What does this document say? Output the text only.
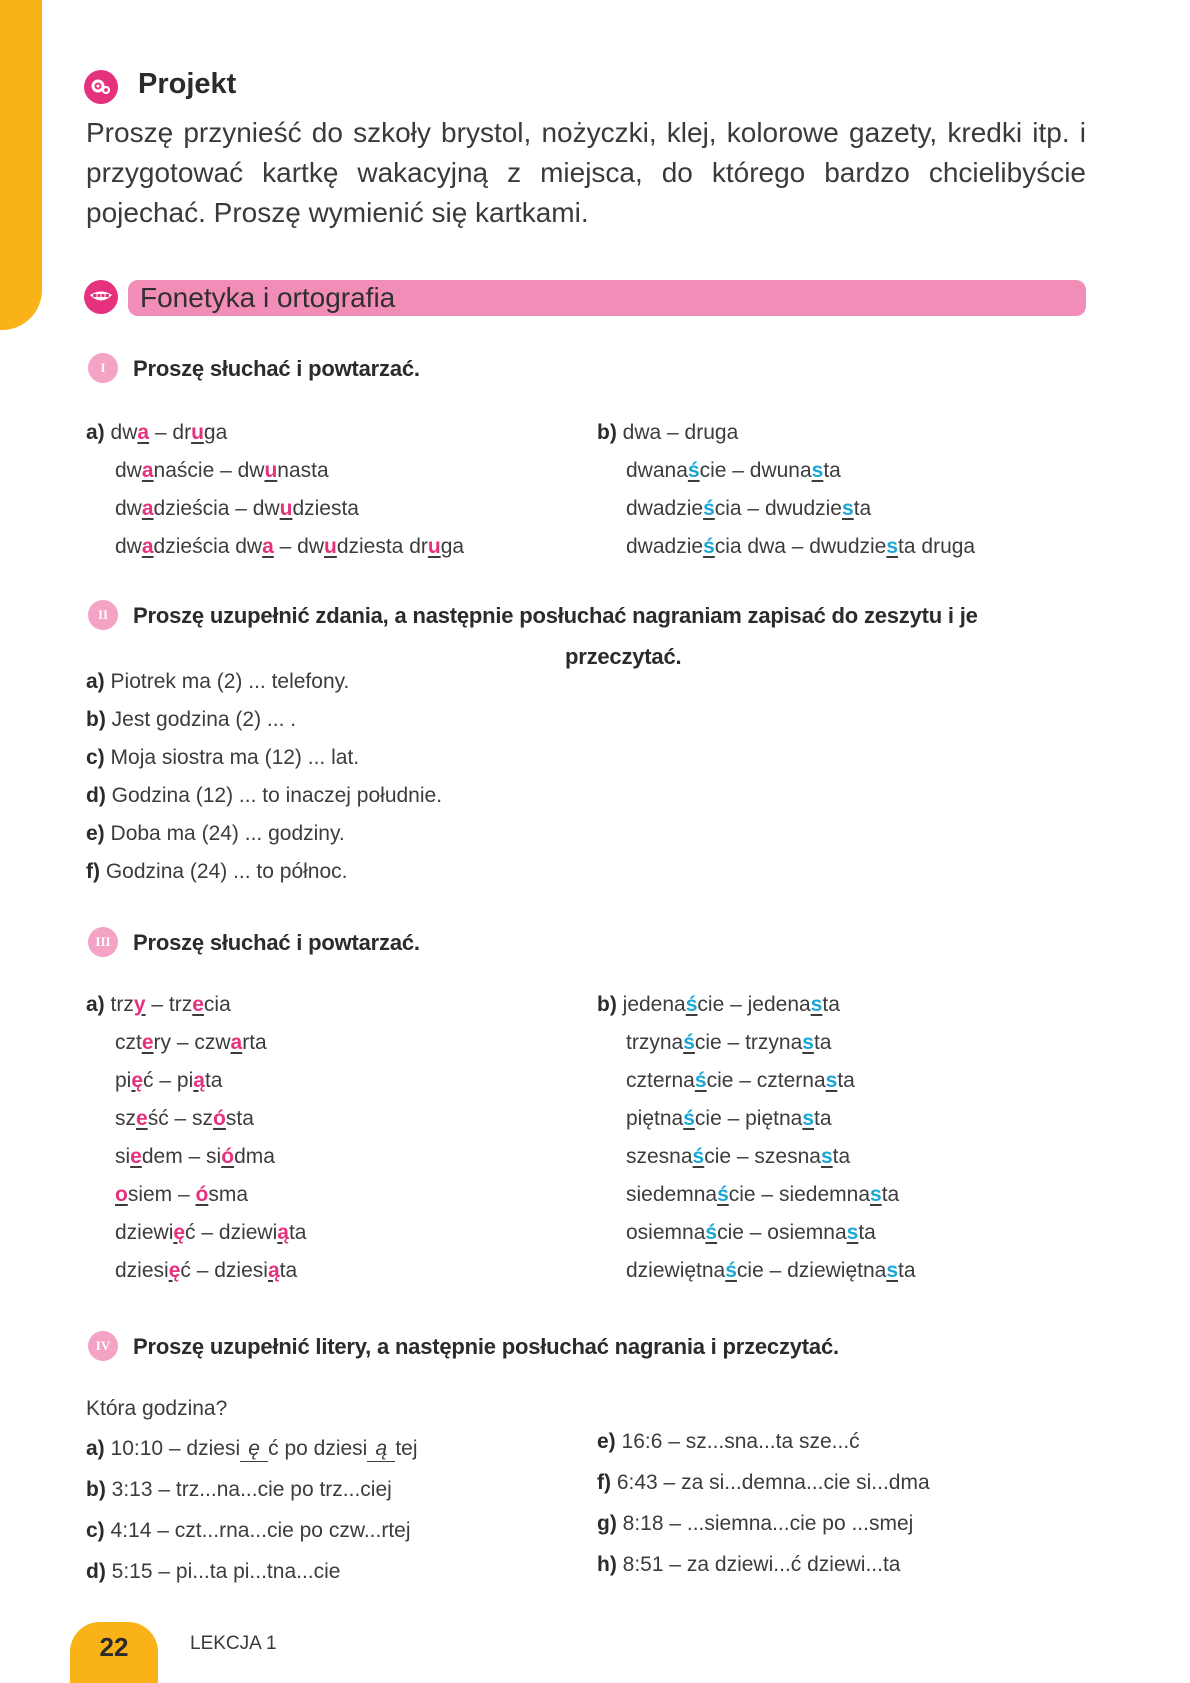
Projekt
Proszę przynieść do szkoły brystol, nożyczki, klej, kolorowe gazety, kredki itp. i przygotować kartkę wakacyjną z miejsca, do którego bardzo chcielibyście pojechać. Proszę wymienić się kartkami.
Fonetyka i ortografia
I	Proszę słuchać i powtarzać.
a) dwa – druga
dwanaście – dwunasta
dwadzieścia – dwudziesta
dwadzieścia dwa – dwudziesta druga
b) dwa – druga
dwanaście – dwunasta
dwadzieścia – dwudziesta
dwadzieścia dwa – dwudziesta druga
II	Proszę uzupełnić zdania, a następnie posłuchać nagraniam zapisać do zeszytu i je
przeczytać.
a) Piotrek ma (2) ... telefony.
b) Jest godzina (2) ... .
c) Moja siostra ma (12) ... lat.
d) Godzina (12) ... to inaczej południe.
e) Doba ma (24) ... godziny.
f) Godzina (24) ... to północ.
III	Proszę słuchać i powtarzać.
a) trzy – trzecia
cztery – czwarta
pięć – piąta
sześć – szósta
siedem – siódma
osiem – ósma
dziewięć – dziewiąta
dziesięć – dziesiąta
b) jedenaście – jedenasta
trzynaście – trzynasta
czternaście – czternasta
piętnaście – piętnasta
szesnaście – szesnasta
siedemnaście – siedemnasta
osiemnaście – osiemnasta
dziewiętnaście – dziewiętnasta
IV	Proszę uzupełnić litery, a następnie posłuchać nagrania i przeczytać.
Która godzina?
a) 10:10 – dziesi ę ć po dziesi ą tej
b) 3:13 – trz...na...cie po trz...ciej
c) 4:14 – czt...rna...cie po czw...rtej
d) 5:15 – pi...ta pi...tna...cie
e) 16:6 – sz...sna...ta sze...ć
f) 6:43 – za si...demna...cie si...dma
g) 8:18 – ...siemna...cie po ...smej
h) 8:51 – za dziewi...ć dziewi...ta
22	LEKCJA 1
